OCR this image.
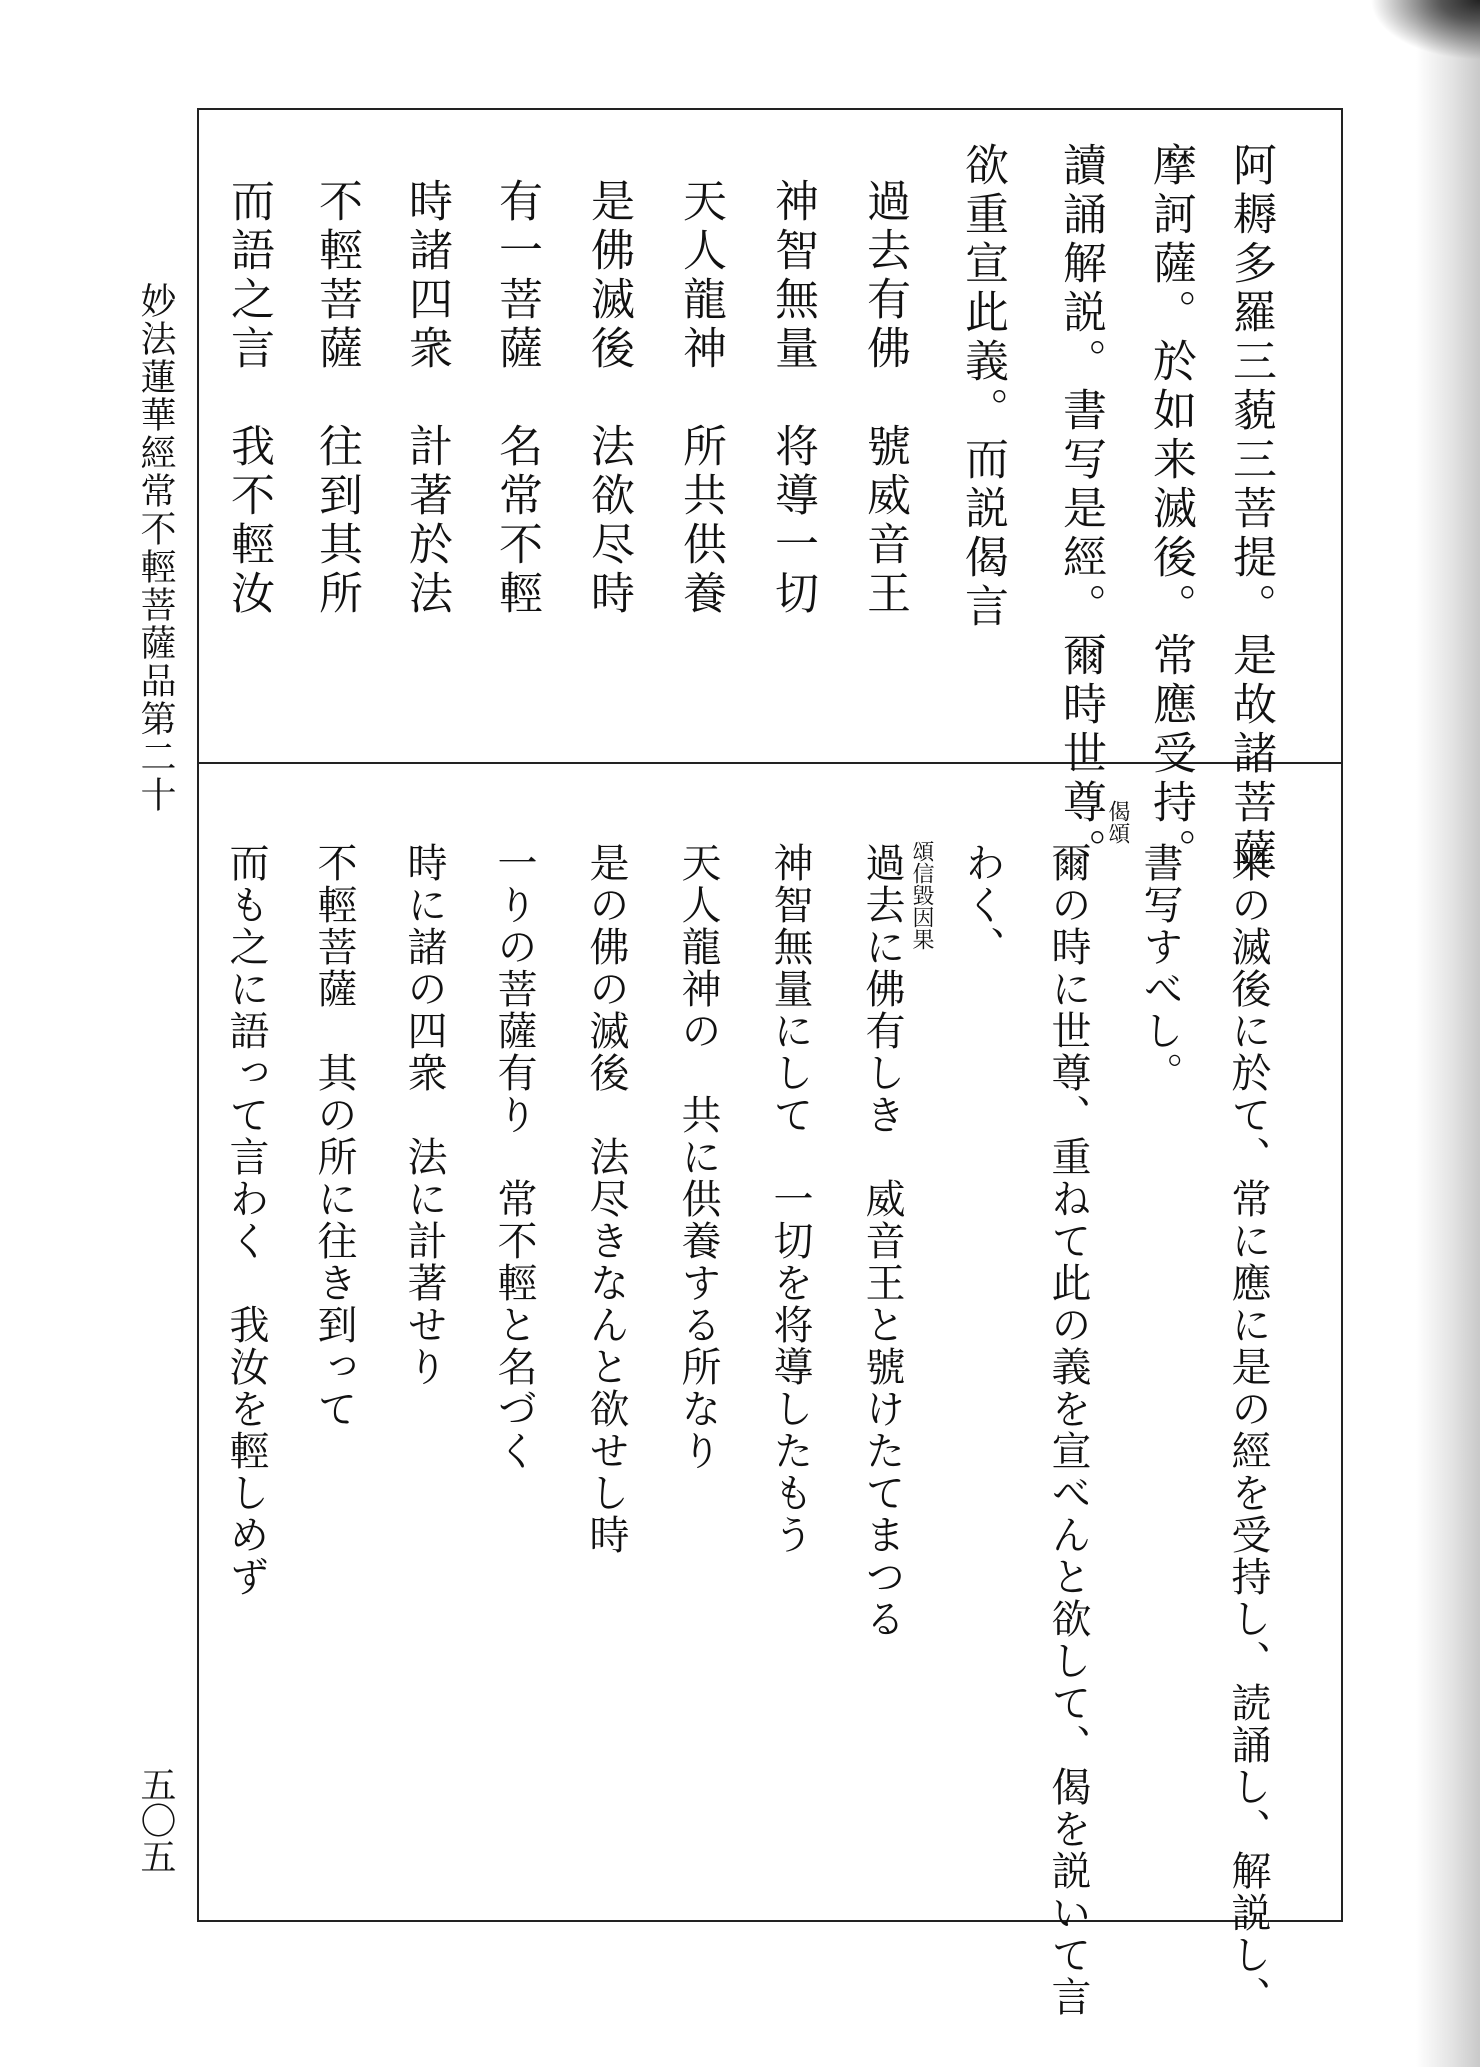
妙法蓮華經常不輕菩薩品第二十
五〇五
阿耨多羅三藐三菩提。是故諸菩薩
摩訶薩。於如来滅後。常應受持。
讀誦解説。書写是經。爾時世尊。
欲重宣此義。而説偈言
過去有佛　號威音王
神智無量　将導一切
天人龍神　所共供養
是佛滅後　法欲尽時
有一菩薩　名常不輕
時諸四衆　計著於法
不輕菩薩　往到其所
而語之言　我不輕汝
来の滅後に於て、常に應に是の經を受持し、読誦し、解説し、
書写すべし。
爾の時に世尊、重ねて此の義を宣べんと欲して、偈を説いて言
わく、
過去に佛有しき　威音王と號けたてまつる
神智無量にして　一切を将導したもう
天人龍神の　共に供養する所なり
是の佛の滅後　法尽きなんと欲せし時
一りの菩薩有り　常不輕と名づく
時に諸の四衆　法に計著せり
不輕菩薩　其の所に往き到って
而も之に語って言わく　我汝を輕しめず
偈頌
頌信毀因果
